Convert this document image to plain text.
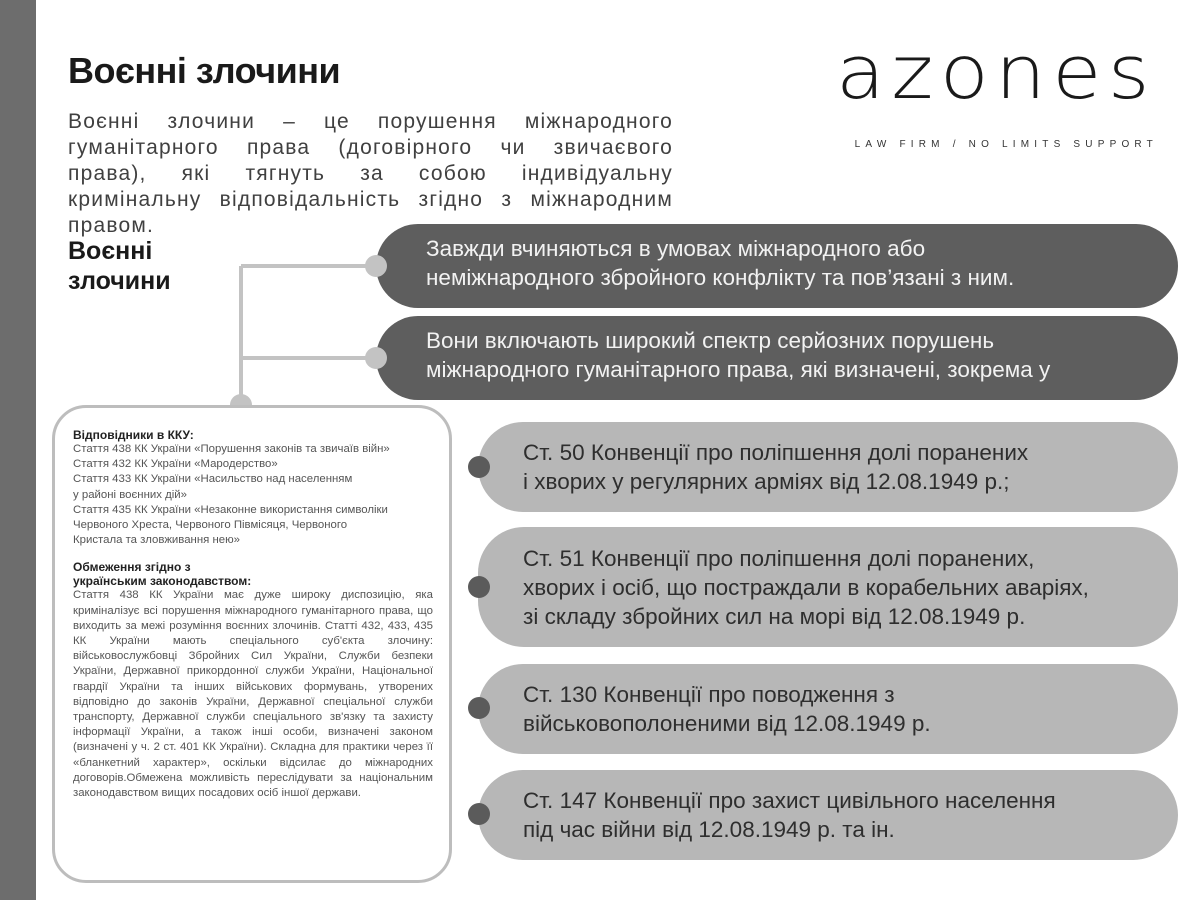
Воєнні злочини
Воєнні злочини – це порушення міжнародного гуманітарного права (договірного чи звичаєвого права), які тягнуть за собою індивідуальну кримінальну відповідальність згідно з міжнародним правом.
azones
LAW FIRM / NO LIMITS SUPPORT
Воєнні
злочини
Завжди вчиняються в умовах міжнародного або
неміжнародного збройного конфлікту та пов’язані з ним.
Вони включають широкий спектр серйозних порушень
міжнародного гуманітарного права, які визначені, зокрема у
Ст. 50 Конвенції про поліпшення долі поранених
і хворих у регулярних арміях від 12.08.1949 р.;
Ст. 51 Конвенції про поліпшення долі поранених,
хворих і осіб, що постраждали в корабельних аваріях,
зі складу збройних сил на морі від 12.08.1949 р.
Ст. 130 Конвенції про поводження з
військовополоненими від 12.08.1949 р.
Ст. 147 Конвенції про захист цивільного населення
під час війни від 12.08.1949 р. та ін.
Відповідники в ККУ:
Стаття 438 КК України «Порушення законів та звичаїв війн»
Стаття 432 КК України «Мародерство»
Стаття 433 КК України «Насильство над населенням
у районі воєнних дій»
Стаття 435 КК України «Незаконне використання символіки
Червоного Хреста, Червоного Півмісяця, Червоного
Кристала та зловживання нею»
Обмеження згідно з
українським законодавством:
Стаття 438 КК України має дуже широку диспозицію, яка криміналізує всі порушення міжнародного гуманітарного права, що виходить за межі розуміння воєнних злочинів. Статті 432, 433, 435 КК України мають спеціального суб'єкта злочину: військовослужбовці Збройних Сил України, Служби безпеки України, Державної прикордонної служби України, Національної гвардії України та інших військових формувань, утворених відповідно до законів України, Державної спеціальної служби транспорту, Державної служби спеціального зв'язку та захисту інформації України, а також інші особи, визначені законом (визначені у ч. 2 ст. 401 КК України). Складна для практики через її «бланкетний характер», оскільки відсилає до міжнародних договорів.Обмежена можливість переслідувати за національним законодавством вищих посадових осіб іншої держави.
